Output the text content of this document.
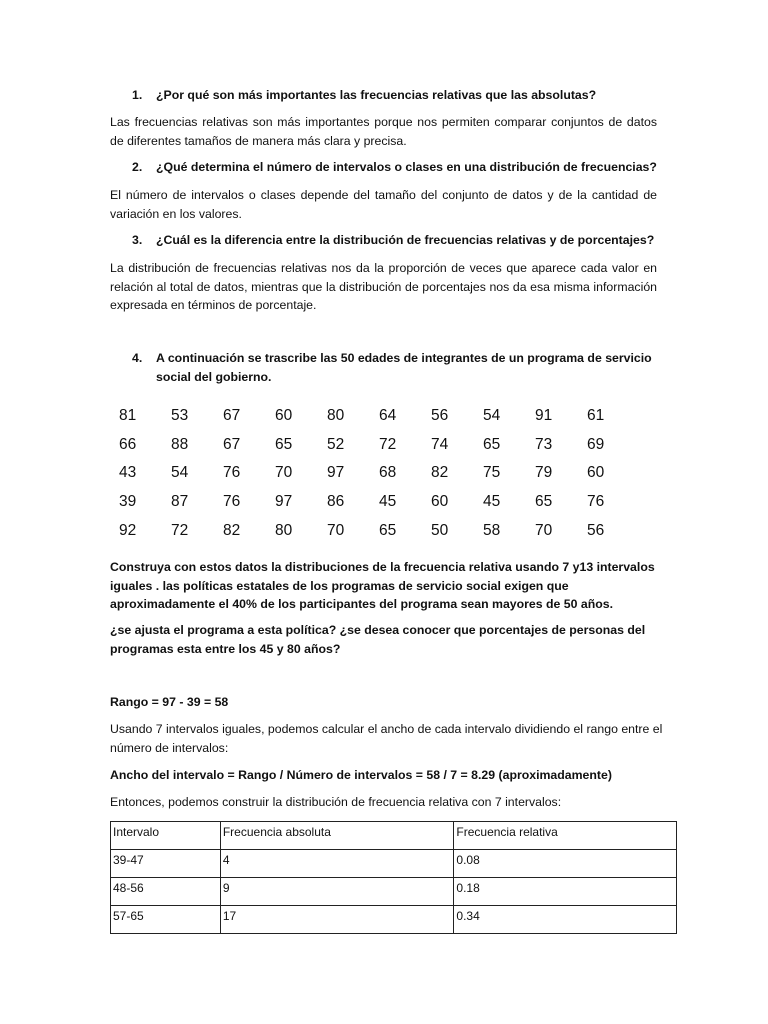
1. ¿Por qué son más importantes las frecuencias relativas que las absolutas?
Las frecuencias relativas son más importantes porque nos permiten comparar conjuntos de datos de diferentes tamaños de manera más clara y precisa.
2. ¿Qué determina el número de intervalos o clases en una distribución de frecuencias?
El número de intervalos o clases depende del tamaño del conjunto de datos y de la cantidad de variación en los valores.
3. ¿Cuál es la diferencia entre la distribución de frecuencias relativas y de porcentajes?
La distribución de frecuencias relativas nos da la proporción de veces que aparece cada valor en relación al total de datos, mientras que la distribución de porcentajes nos da esa misma información expresada en términos de porcentaje.
4. A continuación se trascribe las 50 edades de integrantes de un programa de servicio social del gobierno.
81	53	67	60	80	64	56	54	91	61
66	88	67	65	52	72	74	65	73	69
43	54	76	70	97	68	82	75	79	60
39	87	76	97	86	45	60	45	65	76
92	72	82	80	70	65	50	58	70	56
Construya con estos datos la distribuciones de la frecuencia relativa usando 7 y13 intervalos iguales . las políticas estatales de los programas de servicio social exigen que aproximadamente el 40% de los participantes del programa sean mayores de 50 años.
¿se ajusta el programa a esta política? ¿se desea conocer que porcentajes de personas del programas esta entre los 45 y 80 años?
Rango = 97 - 39 = 58
Usando 7 intervalos iguales, podemos calcular el ancho de cada intervalo dividiendo el rango entre el número de intervalos:
Ancho del intervalo = Rango / Número de intervalos = 58 / 7 = 8.29 (aproximadamente)
Entonces, podemos construir la distribución de frecuencia relativa con 7 intervalos:
Intervalo	Frecuencia absoluta	Frecuencia relativa
39-47	4	0.08
48-56	9	0.18
57-65	17	0.34
